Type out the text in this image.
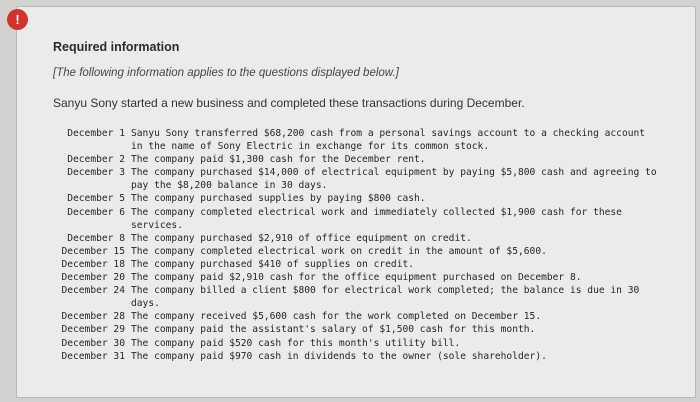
!
Required information
[The following information applies to the questions displayed below.]
Sanyu Sony started a new business and completed these transactions during December.
December 1 Sanyu Sony transferred $68,200 cash from a personal savings account to a checking account in the name of Sony Electric in exchange for its common stock.
December 2 The company paid $1,300 cash for the December rent.
December 3 The company purchased $14,000 of electrical equipment by paying $5,800 cash and agreeing to pay the $8,200 balance in 30 days.
December 5 The company purchased supplies by paying $800 cash.
December 6 The company completed electrical work and immediately collected $1,900 cash for these services.
December 8 The company purchased $2,910 of office equipment on credit.
December 15 The company completed electrical work on credit in the amount of $5,600.
December 18 The company purchased $410 of supplies on credit.
December 20 The company paid $2,910 cash for the office equipment purchased on December 8.
December 24 The company billed a client $800 for electrical work completed; the balance is due in 30 days.
December 28 The company received $5,600 cash for the work completed on December 15.
December 29 The company paid the assistant's salary of $1,500 cash for this month.
December 30 The company paid $520 cash for this month's utility bill.
December 31 The company paid $970 cash in dividends to the owner (sole shareholder).
